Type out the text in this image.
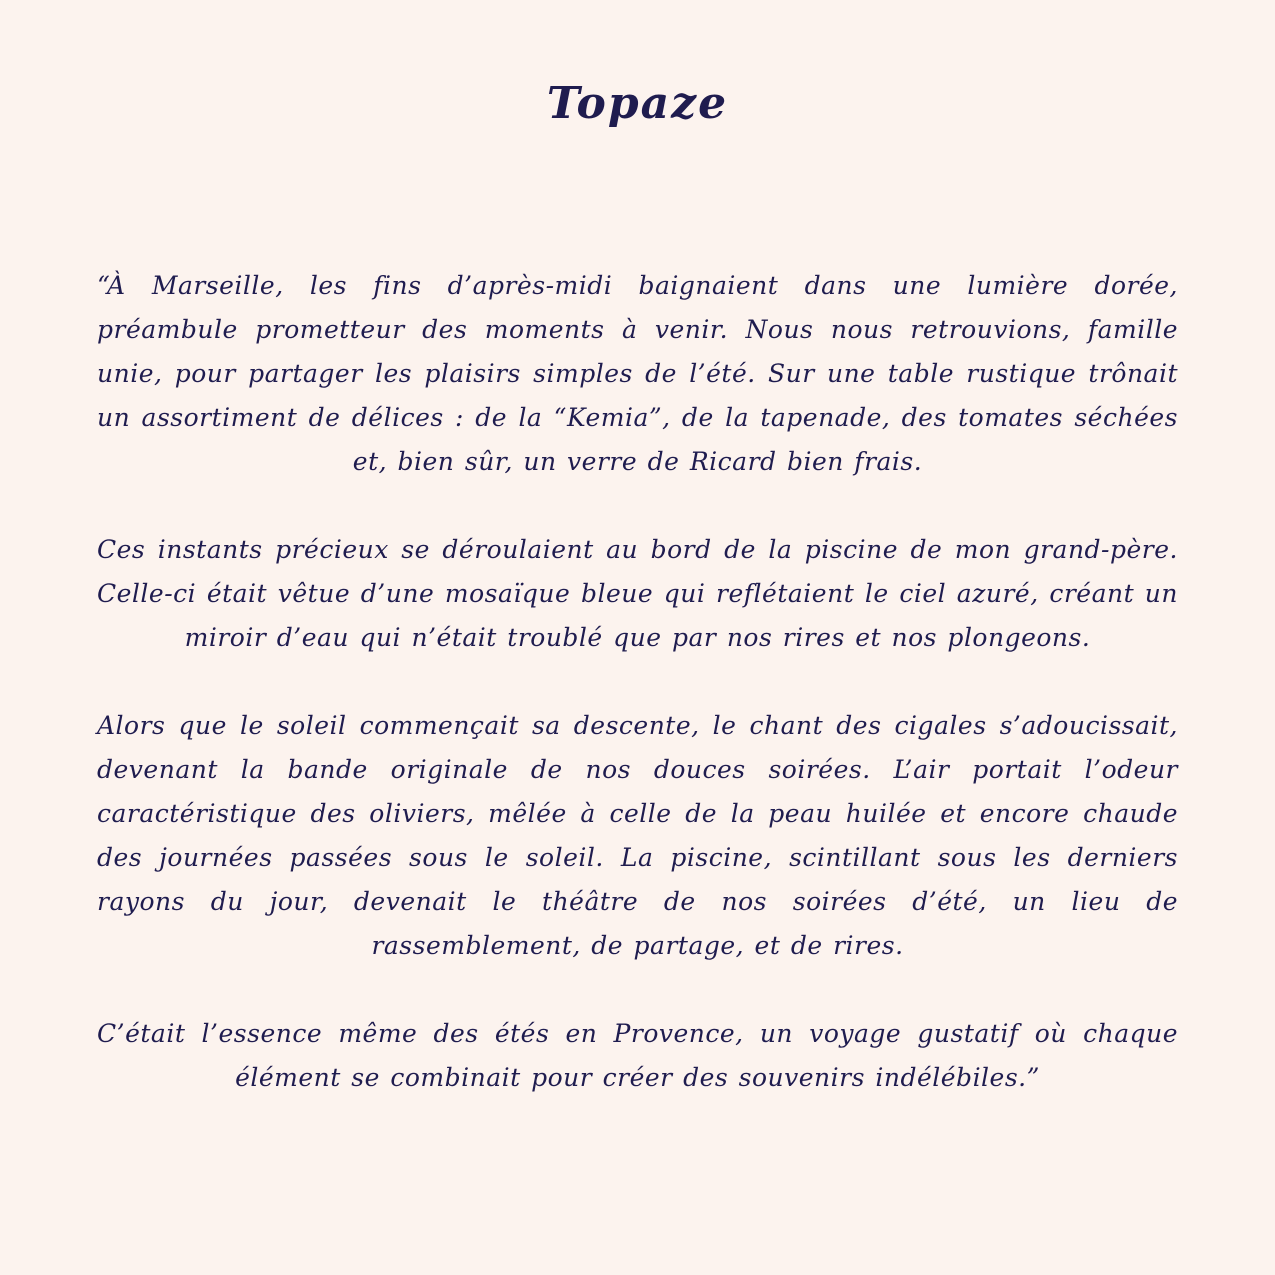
Topaze

“À Marseille, les fins d’après-midi baignaient dans une lumière dorée, préambule prometteur des moments à venir. Nous nous retrouvions, famille unie, pour partager les plaisirs simples de l’été. Sur une table rustique trônait un assortiment de délices : de la “Kemia”, de la tapenade, des tomates séchées et, bien sûr, un verre de Ricard bien frais.

Ces instants précieux se déroulaient au bord de la piscine de mon grand-père. Celle-ci était vêtue d’une mosaïque bleue qui reflétaient le ciel azuré, créant un miroir d’eau qui n’était troublé que par nos rires et nos plongeons.

Alors que le soleil commençait sa descente, le chant des cigales s’adoucissait, devenant la bande originale de nos douces soirées. L’air portait l’odeur caractéristique des oliviers, mêlée à celle de la peau huilée et encore chaude des journées passées sous le soleil. La piscine, scintillant sous les derniers rayons du jour, devenait le théâtre de nos soirées d’été, un lieu de rassemblement, de partage, et de rires.

C’était l’essence même des étés en Provence, un voyage gustatif où chaque élément se combinait pour créer des souvenirs indélébiles.”
